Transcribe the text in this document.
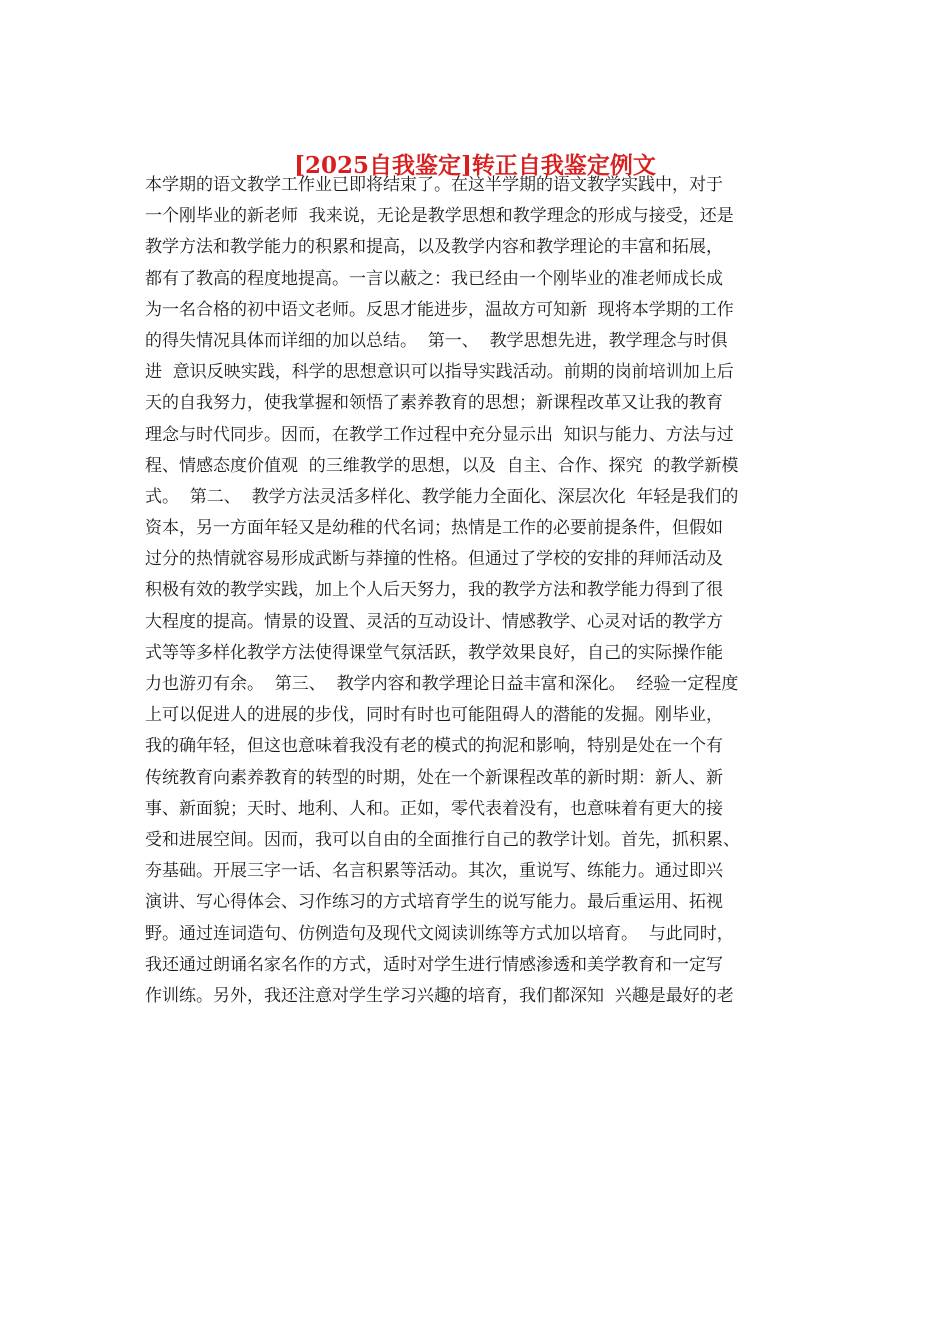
[2025自我鉴定]转正自我鉴定例文
本学期的语文教学工作业已即将结束了。在这半学期的语文教学实践中，对于
一个刚毕业的新老师  我来说，无论是教学思想和教学理念的形成与接受，还是
教学方法和教学能力的积累和提高，以及教学内容和教学理论的丰富和拓展，
都有了教高的程度地提高。一言以蔽之：我已经由一个刚毕业的准老师成长成
为一名合格的初中语文老师。反思才能进步，温故方可知新  现将本学期的工作
的得失情况具体而详细的加以总结。  第一、  教学思想先进，教学理念与时俱
进  意识反映实践，科学的思想意识可以指导实践活动。前期的岗前培训加上后
天的自我努力，使我掌握和领悟了素养教育的思想；新课程改革又让我的教育
理念与时代同步。因而，在教学工作过程中充分显示出  知识与能力、方法与过
程、情感态度价值观  的三维教学的思想，以及  自主、合作、探究  的教学新模
式。  第二、  教学方法灵活多样化、教学能力全面化、深层次化  年轻是我们的
资本，另一方面年轻又是幼稚的代名词；热情是工作的必要前提条件，但假如
过分的热情就容易形成武断与莽撞的性格。但通过了学校的安排的拜师活动及
积极有效的教学实践，加上个人后天努力，我的教学方法和教学能力得到了很
大程度的提高。情景的设置、灵活的互动设计、情感教学、心灵对话的教学方
式等等多样化教学方法使得课堂气氛活跃，教学效果良好，自己的实际操作能
力也游刃有余。  第三、  教学内容和教学理论日益丰富和深化。  经验一定程度
上可以促进人的进展的步伐，同时有时也可能阻碍人的潜能的发掘。刚毕业，
我的确年轻，但这也意味着我没有老的模式的拘泥和影响，特别是处在一个有
传统教育向素养教育的转型的时期，处在一个新课程改革的新时期：新人、新
事、新面貌；天时、地利、人和。正如，零代表着没有，也意味着有更大的接
受和进展空间。因而，我可以自由的全面推行自己的教学计划。首先，抓积累、
夯基础。开展三字一话、名言积累等活动。其次，重说写、练能力。通过即兴
演讲、写心得体会、习作练习的方式培育学生的说写能力。最后重运用、拓视
野。通过连词造句、仿例造句及现代文阅读训练等方式加以培育。  与此同时，
我还通过朗诵名家名作的方式，适时对学生进行情感渗透和美学教育和一定写
作训练。另外，我还注意对学生学习兴趣的培育，我们都深知  兴趣是最好的老
